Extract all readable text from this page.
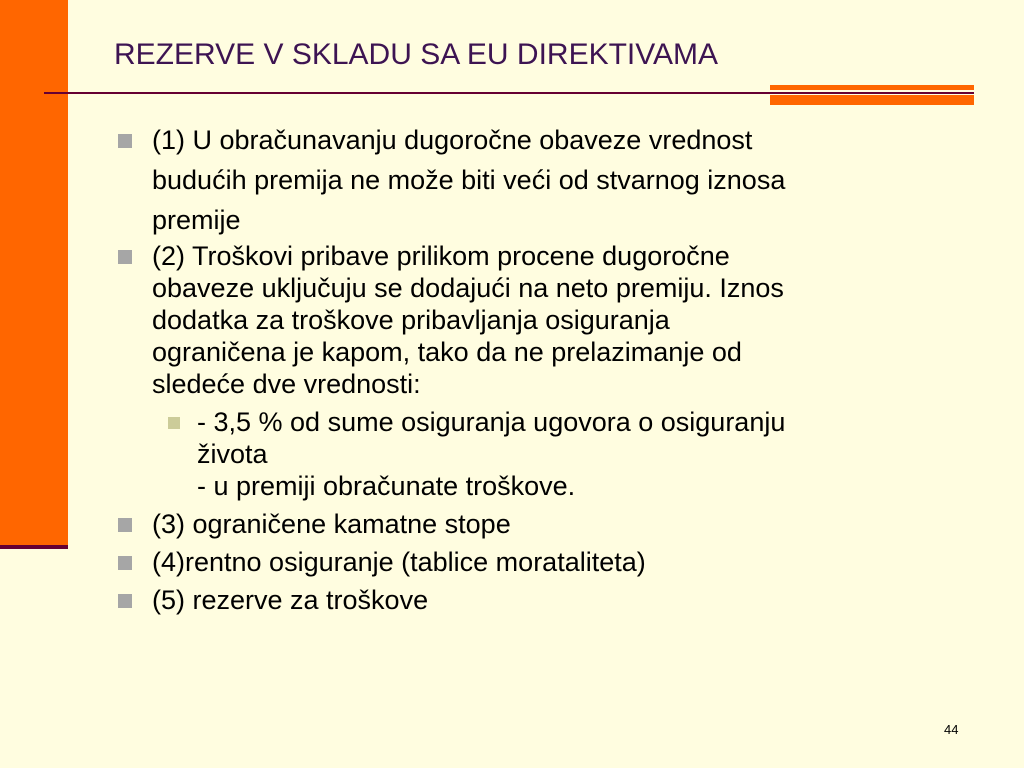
REZERVE V SKLADU SA EU DIREKTIVAMA
(1) U obračunavanju dugoročne obaveze vrednost
budućih premija ne može biti veći od stvarnog iznosa
premije
(2) Troškovi pribave prilikom procene dugoročne
obaveze uključuju se dodajući na neto premiju. Iznos
dodatka za troškove pribavljanja osiguranja
ograničena je kapom, tako da ne prelazimanje od
sledeće dve vrednosti:
- 3,5 % od sume osiguranja ugovora o osiguranju
života
- u premiji obračunate troškove.
(3) ograničene kamatne stope
(4)rentno osiguranje (tablice morataliteta)
(5) rezerve za troškove
44
